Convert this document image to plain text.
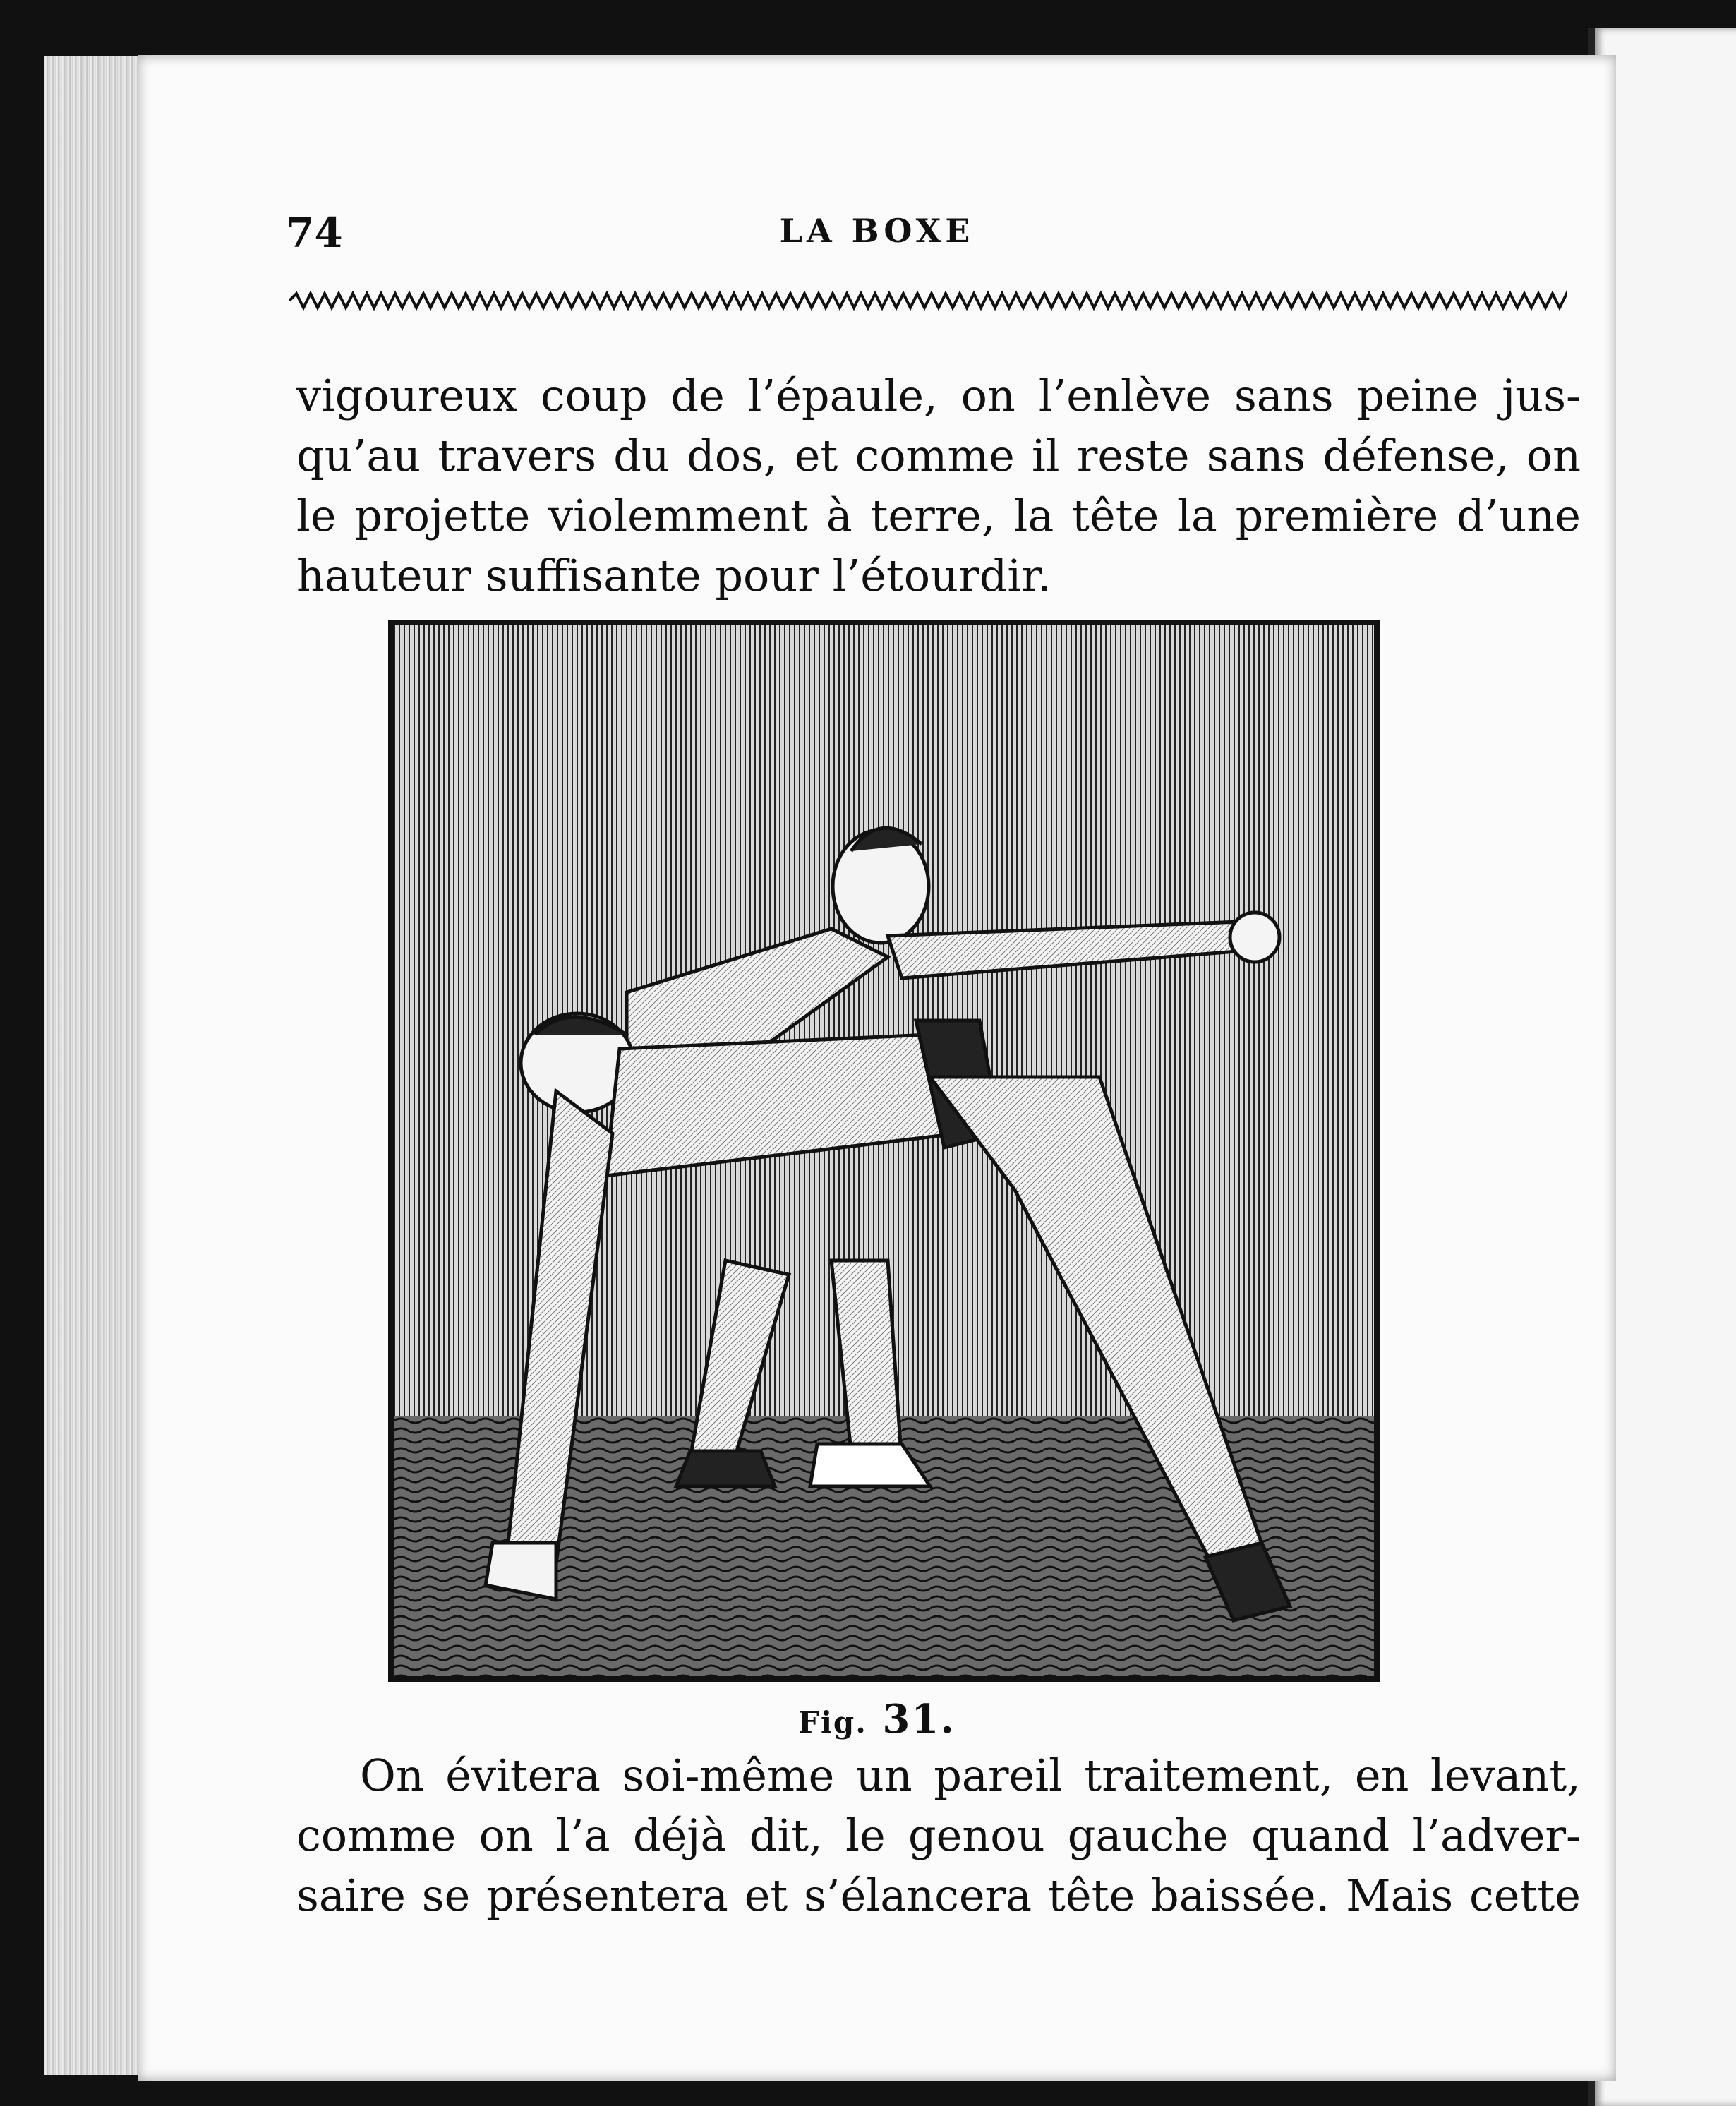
74	LA BOXE
vigoureux coup de l’épaule, on l’enlève sans peine jus-
qu’au travers du dos, et comme il reste sans défense, on
le projette violemment à terre, la tête la première d’une
hauteur suffisante pour l’étourdir.
Fig. 31.
On évitera soi-même un pareil traitement, en levant,
comme on l’a déjà dit, le genou gauche quand l’adver-
saire se présentera et s’élancera tête baissée. Mais cette
